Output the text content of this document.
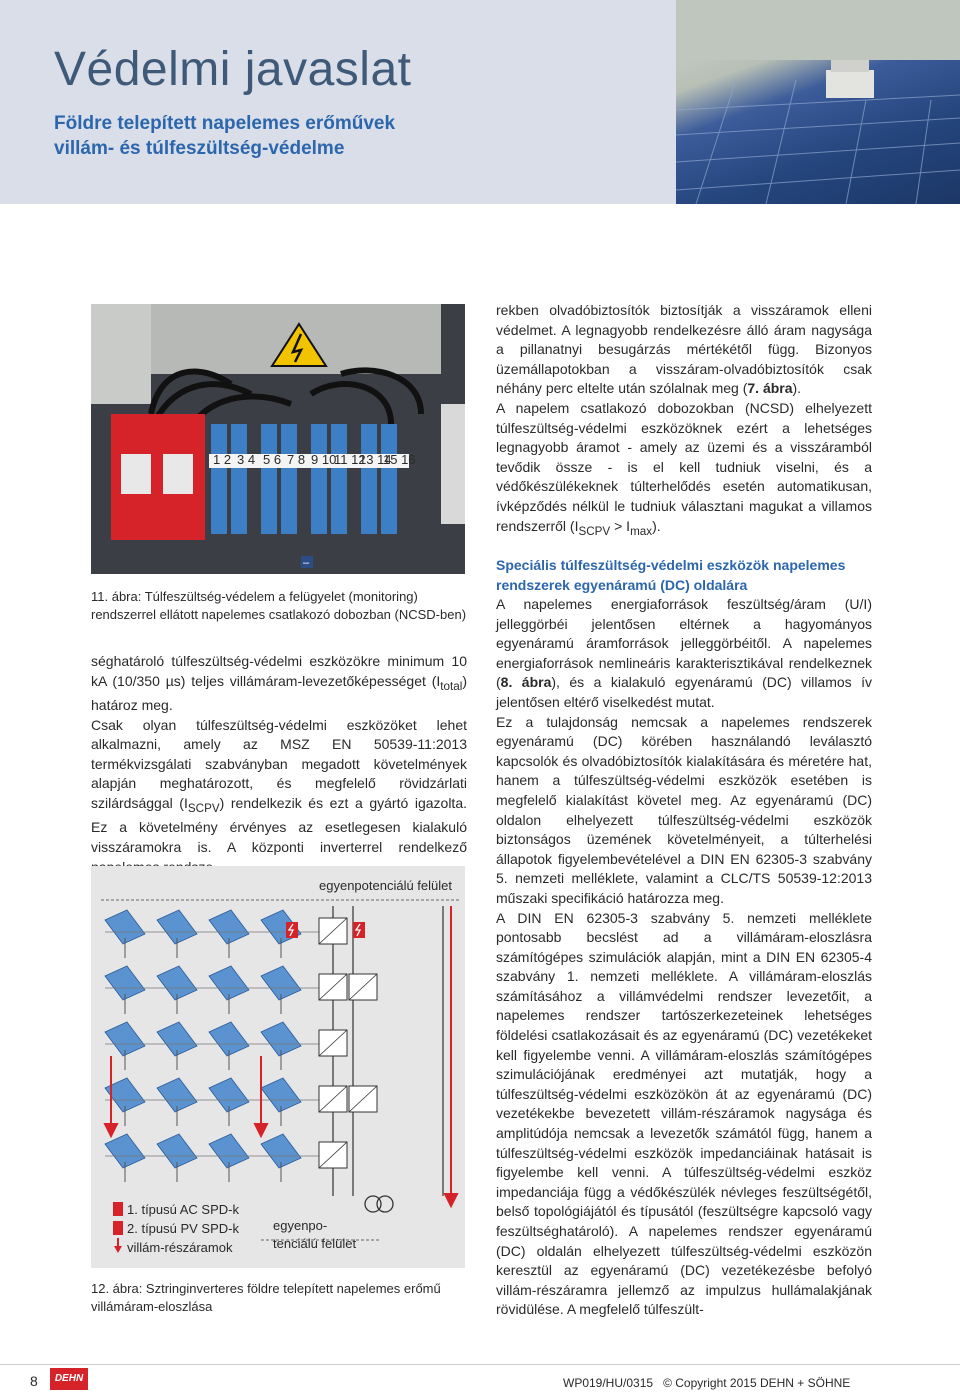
Védelmi javaslat
Földre telepített napelemes erőművek
villám- és túlfeszültség-védelme
1 2 3 4 5 6 7 8 9 10
11 12
13 14
15 16
–
11. ábra: Túlfeszültség-védelem a felügyelet (monitoring) rendszerrel ellátott napelemes csatlakozó dobozban (NCSD-ben)

séghatároló túlfeszültség-védelmi eszközökre minimum 10 kA (10/350 µs) teljes villámáram-levezetőképességet $(I_{total})$ határoz meg.

Csak olyan túlfeszültség-védelmi eszközöket lehet alkalmazni, amely az MSZ EN 50539-11:2013 termékvizsgálati szabványban megadott követelmények alapján meghatározott, és megfelelő rövidzárlati szilárdsággal $(I_{SCPV})$ rendelkezik és ezt a gyártó igazolta. Ez a követelmény érvényes az esetlegesen kialakuló visszáramokra is. A központi inverterrel rendelkező

egyenpotenciálú felület
egyenpo-
tenciálú felület
1. típusú AC SPD-k
2. típusú PV SPD-k
villám-részáramok
12. ábra: Sztringinverteres földre telepített napelemes erőmű villámáram-eloszlása

rekben olvadóbiztosítók biztosítják a visszáramok elleni védelmet. A legnagyobb rendelkezésre álló áram nagysága a pillanatnyi besugárzás mértékétől függ. Bizonyos üzemállapotokban a visszáram-olvadóbiztosítók csak néhány perc eltelte után szólalnak meg (7. ábra).

A napelem csatlakozó dobozokban (NCSD) elhelyezett túlfeszültség-védelmi eszközöknek ezért a lehetséges legnagyobb áramot - amely az üzemi és a visszáramból tevődik össze - is el kell tudniuk viselni, és a védőkészülékeknek túlterhelődés esetén automatikusan, ívképződés nélkül le tudniuk választani magukat a villamos rendszerről $(I_{SCPV} > I_{max})$.

Speciális túlfeszültség-védelmi eszközök napelemes rendszerek egyenáramú (DC) oldalára

A napelemes energiaforrások feszültség/áram (U/I) jelleggörbéi jelentősen eltérnek a hagyományos egyenáramú áramforrások jelleggörbéitől. A napelemes energiaforrások nemlineáris karakterisztikával rendelkeznek (8. ábra), és a kialakuló egyenáramú (DC) villamos ív jelentősen eltérő viselkedést mutat.

Ez a tulajdonság nemcsak a napelemes rendszerek egyenáramú (DC) körében használandó leválasztó kapcsolók és olvadóbiztosítók kialakítására és méretére hat, hanem a túlfeszültség-védelmi eszközök esetében is megfelelő kialakítást követel meg. Az egyenáramú (DC) oldalon elhelyezett túlfeszültség-védelmi eszközök biztonságos üzemének követelményeit, a túlterhelési állapotok figyelembevételével a DIN EN 62305-3 szabvány 5. nemzeti melléklete, valamint a CLC/TS 50539-12:2013 műszaki specifikáció határozza meg.

A DIN EN 62305-3 szabvány 5. nemzeti melléklete pontosabb becslést ad a villámáram-eloszlásra számítógépes szimulációk alapján, mint a DIN EN 62305-4 szabvány 1. nemzeti melléklete. A villámáram-eloszlás számításához a villámvédelmi rendszer levezetőit, a napelemes rendszer tartószerkezeteinek lehetséges földelési csatlakozásait és az egyenáramú (DC) vezetékeket kell figyelembe venni. A villámáram-eloszlás számítógépes szimulációjának eredményei azt mutatják, hogy a túlfeszültség-védelmi eszközökön át az egyenáramú (DC) vezetékekbe bevezetett villám-részáramok nagysága és amplitúdója nemcsak a levezetők számától függ, hanem a túlfeszültség-védelmi eszközök impedanciáinak hatásait is figyelembe kell venni. A túlfeszültség-védelmi eszköz impedanciája függ a védőkészülék névleges feszültségétől, belső topológiájától és típusától (feszültségre kapcsoló vagy feszültséghatároló). A napelemes rendszer egyenáramú (DC) oldalán elhelyezett túlfeszültség-védelmi eszközön keresztül az egyenáramú (DC) vezetékezésbe befolyó villám-részáramra jellemző az impulzus hullámalakjának rövidülése. A megfelelő túlfeszült-

8	DEHN	WP019/HU/0315 © Copyright 2015 DEHN + SÖHNE
